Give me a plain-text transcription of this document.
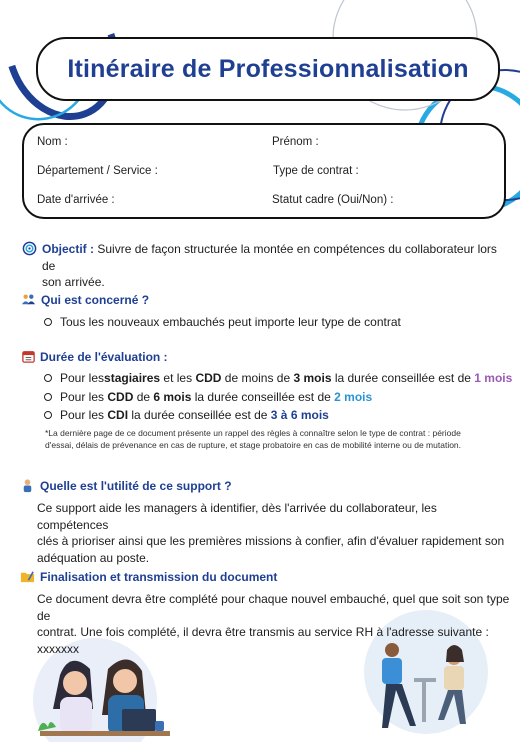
Itinéraire de Professionnalisation
Nom :	Prénom :
Département / Service :	Type de contrat :
Date d'arrivée :	Statut cadre (Oui/Non) :
Objectif : Suivre de façon structurée la montée en compétences du collaborateur lors de
son arrivée.
Qui est concerné ?
Tous les nouveaux embauchés peut importe leur type de contrat
Durée de l'évaluation :
Pour les stagiaires et les CDD de moins de 3 mois la durée conseillée est de 1 mois
Pour les CDD de 6 mois la durée conseillée est de 2 mois
Pour les CDI la durée conseillée est de 3 à 6 mois
*La dernière page de ce document présente un rappel des règles à connaître selon le type de contrat : période
d'essai, délais de prévenance en cas de rupture, et stage probatoire en cas de mobilité interne ou de mutation.
Quelle est l'utilité de ce support ?
Ce support aide les managers à identifier, dès l'arrivée du collaborateur, les compétences
clés à prioriser ainsi que les premières missions à confier, afin d'évaluer rapidement son
adéquation au poste.
Finalisation et transmission du document
Ce document devra être complété pour chaque nouvel embauché, quel que soit son type de
contrat. Une fois complété, il devra être transmis au service RH à l'adresse suivante : xxxxxxx
